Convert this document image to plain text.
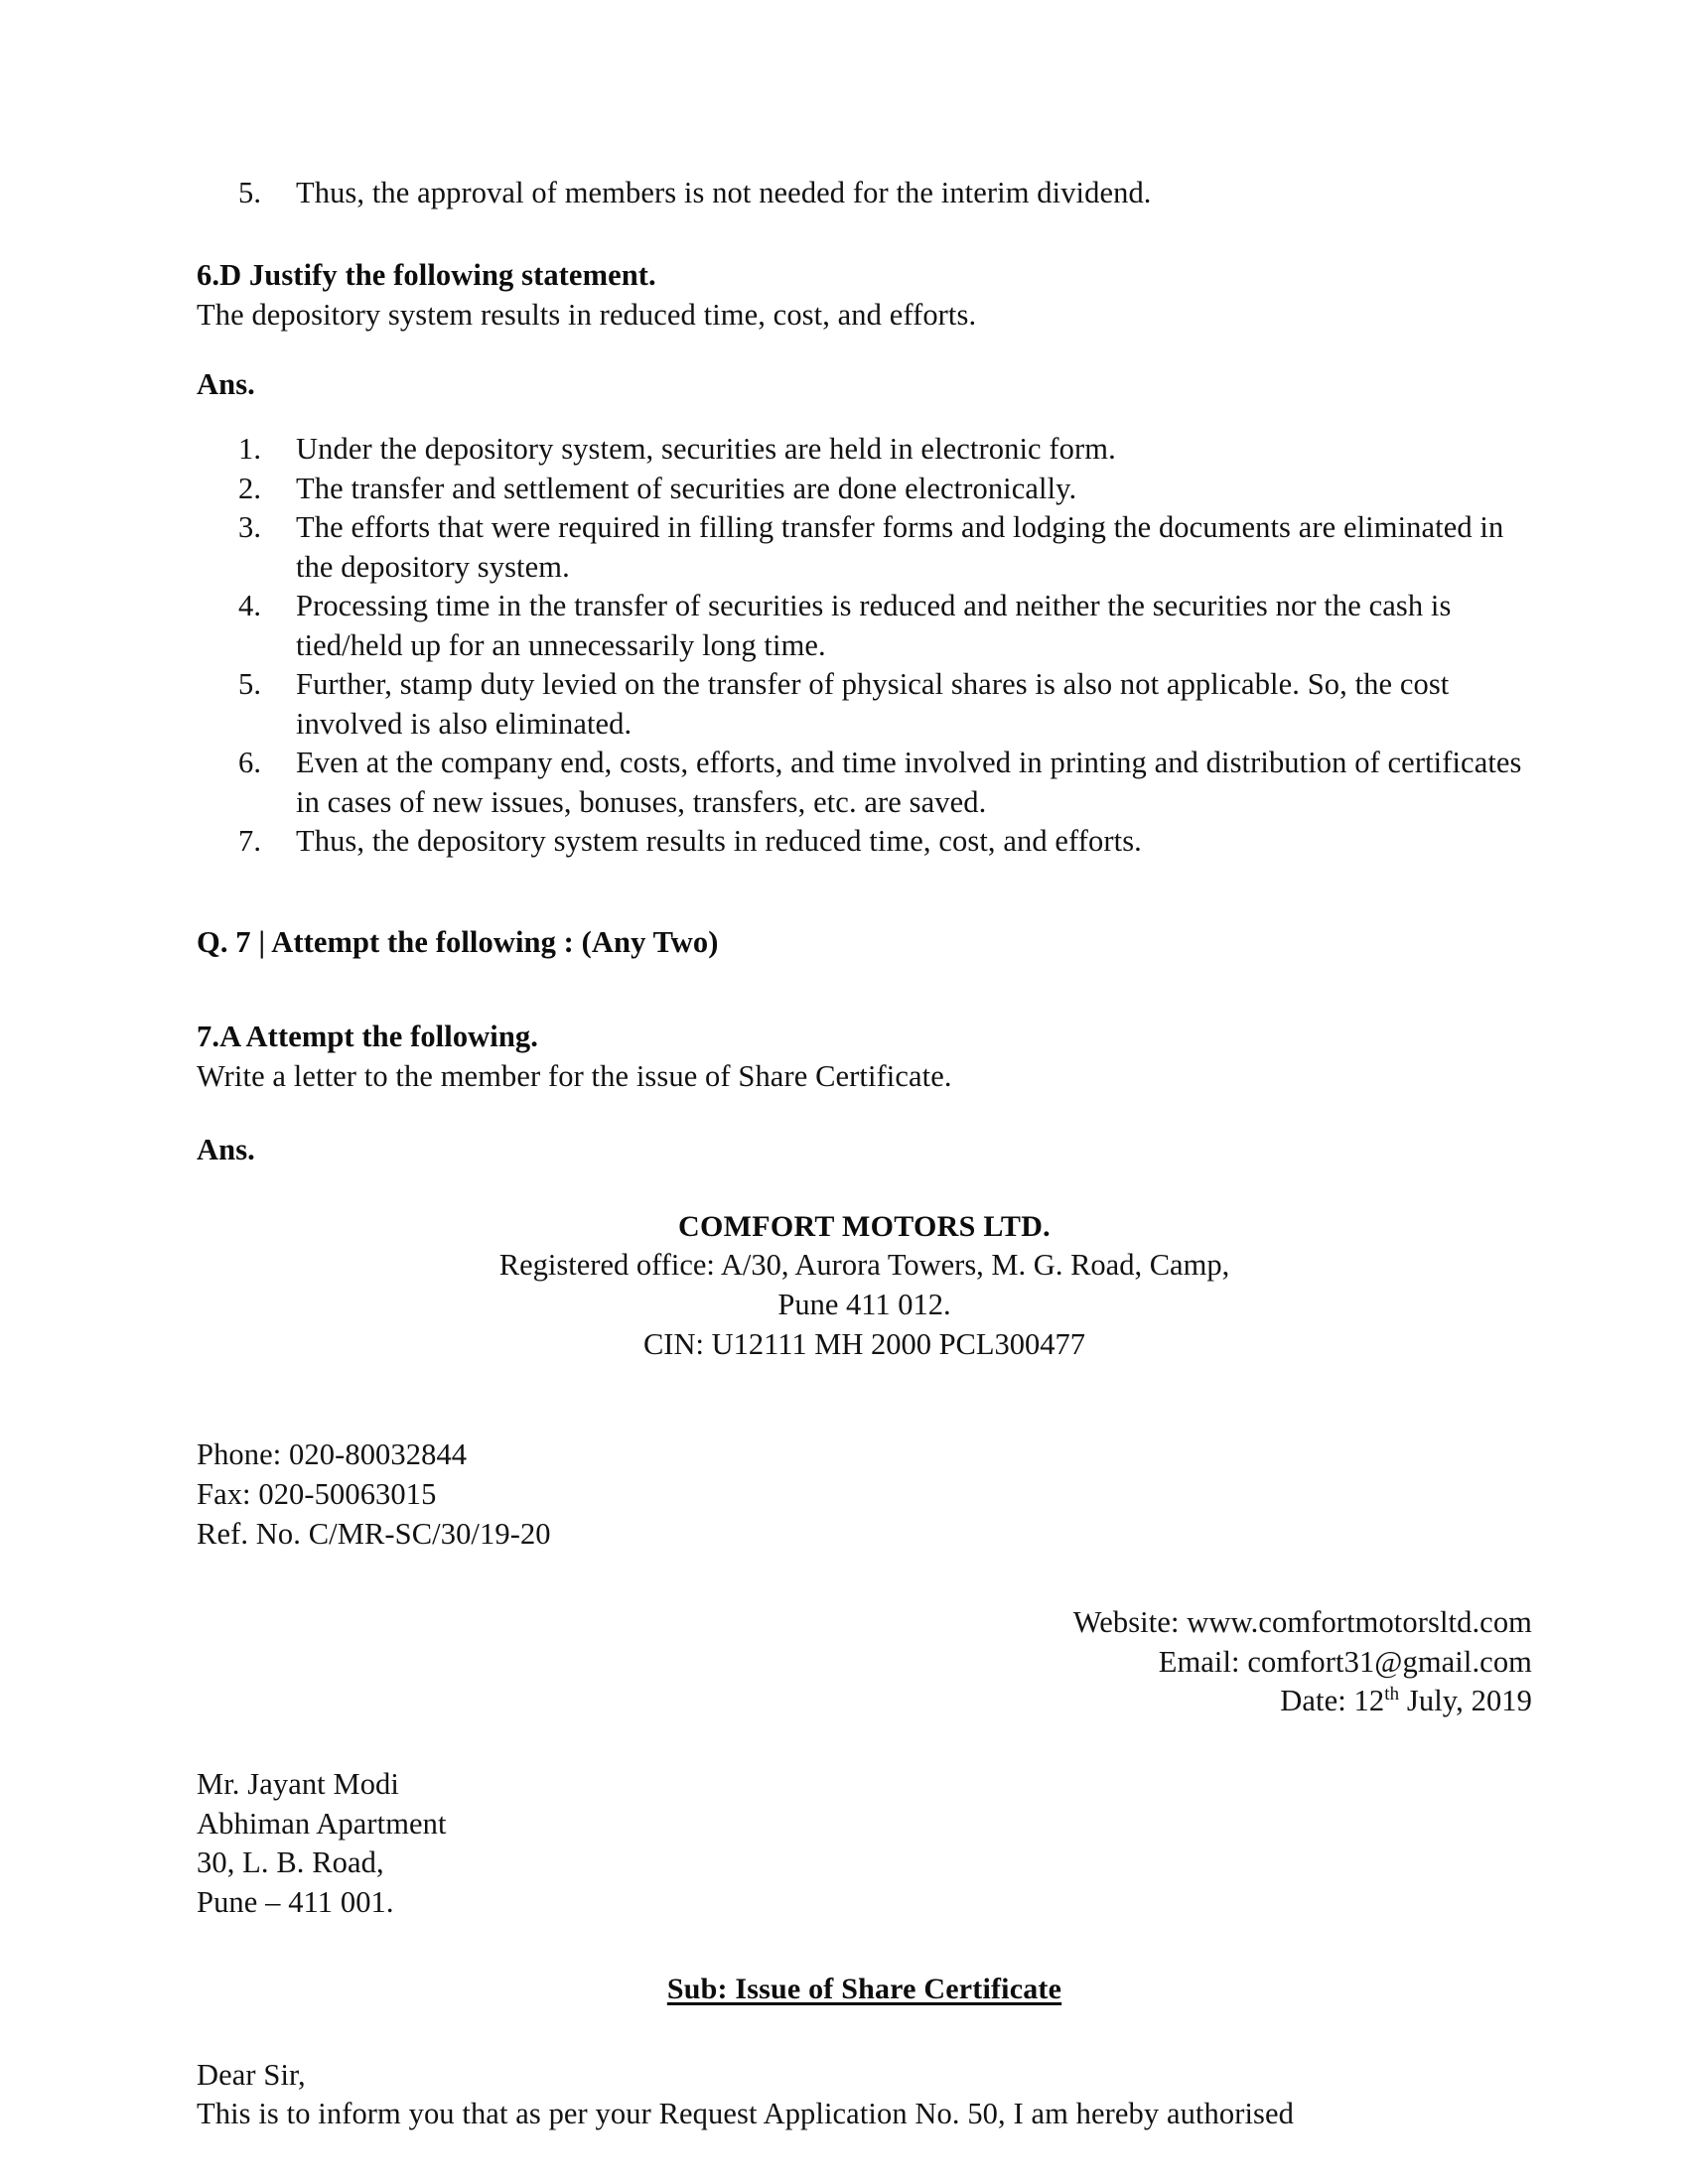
5.	Thus, the approval of members is not needed for the interim dividend.

6.D Justify the following statement.

The depository system results in reduced time, cost, and efforts.

Ans.

1.	Under the depository system, securities are held in electronic form.
2.	The transfer and settlement of securities are done electronically.
3.	The efforts that were required in filling transfer forms and lodging the documents are eliminated in the depository system.
4.	Processing time in the transfer of securities is reduced and neither the securities nor the cash is tied/held up for an unnecessarily long time.
5.	Further, stamp duty levied on the transfer of physical shares is also not applicable. So, the cost involved is also eliminated.
6.	Even at the company end, costs, efforts, and time involved in printing and distribution of certificates in cases of new issues, bonuses, transfers, etc. are saved.
7.	Thus, the depository system results in reduced time, cost, and efforts.

Q. 7 | Attempt the following : (Any Two)

7.A Attempt the following.

Write a letter to the member for the issue of Share Certificate.

Ans.

COMFORT MOTORS LTD.
Registered office: A/30, Aurora Towers, M. G. Road, Camp,
Pune 411 012.
CIN: U12111 MH 2000 PCL300477

Phone: 020-80032844

Fax: 020-50063015

Ref. No. C/MR-SC/30/19-20

Website: www.comfortmotorsltd.com

Email: comfort31@gmail.com

Date: 12th July, 2019

Mr. Jayant Modi

Abhiman Apartment

30, L. B. Road,

Pune – 411 001.

Sub: Issue of Share Certificate

Dear Sir,

This is to inform you that as per your Request Application No. 50, I am hereby authorised
